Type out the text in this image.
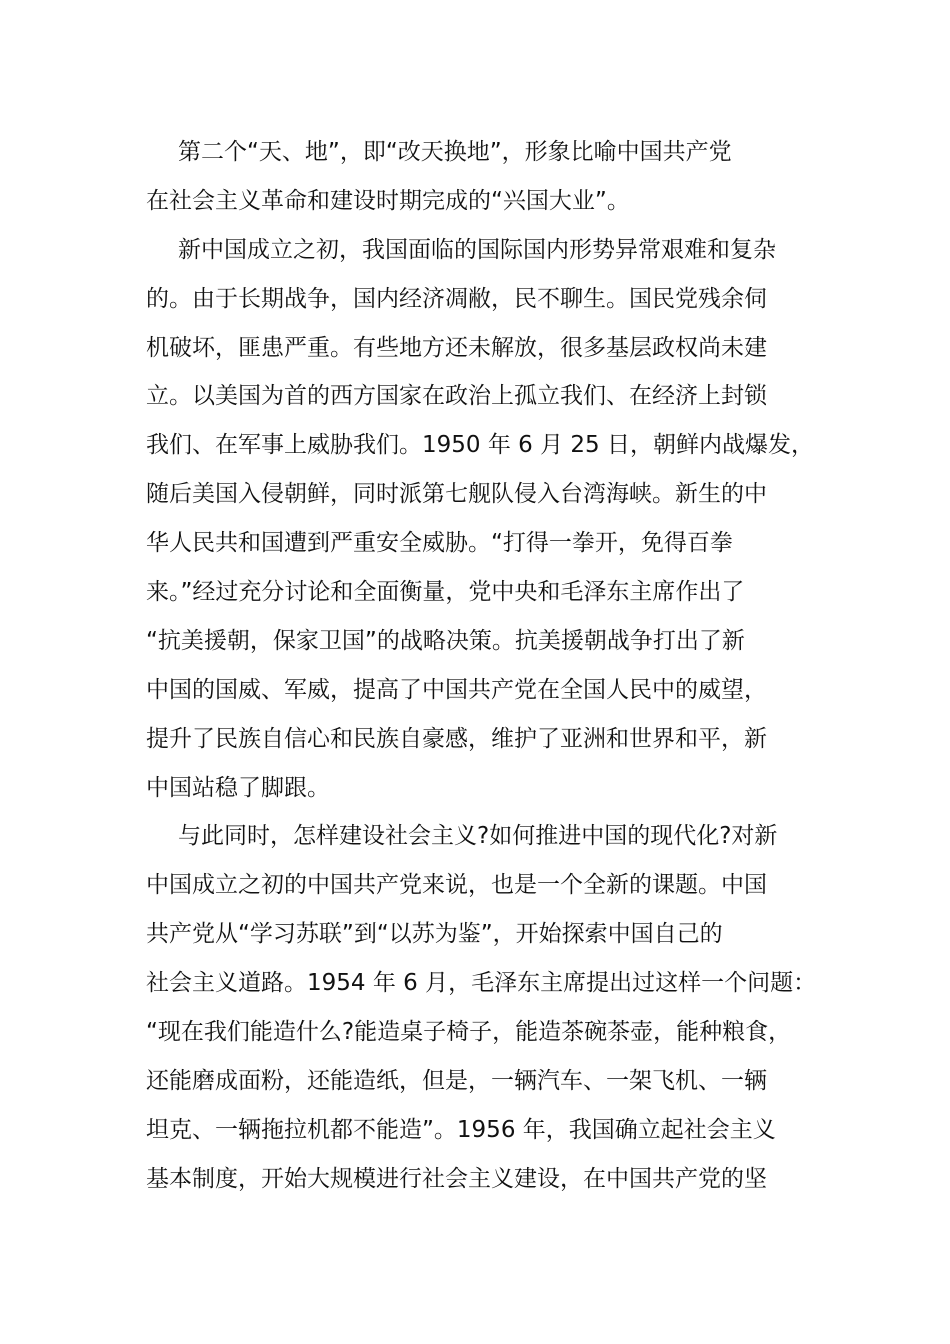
第二个“天、地”，即“改天换地”，形象比喻中国共产党
在社会主义革命和建设时期完成的“兴国大业”。
新中国成立之初，我国面临的国际国内形势异常艰难和复杂
的。由于长期战争，国内经济凋敝，民不聊生。国民党残余伺
机破坏，匪患严重。有些地方还未解放，很多基层政权尚未建
立。以美国为首的西方国家在政治上孤立我们、在经济上封锁
我们、在军事上威胁我们。1950 年 6 月 25 日，朝鲜内战爆发，
随后美国入侵朝鲜，同时派第七舰队侵入台湾海峡。新生的中
华人民共和国遭到严重安全威胁。“打得一拳开，免得百拳
来。”经过充分讨论和全面衡量，党中央和毛泽东主席作出了
“抗美援朝，保家卫国”的战略决策。抗美援朝战争打出了新
中国的国威、军威，提高了中国共产党在全国人民中的威望，
提升了民族自信心和民族自豪感，维护了亚洲和世界和平，新
中国站稳了脚跟。
与此同时，怎样建设社会主义?如何推进中国的现代化?对新
中国成立之初的中国共产党来说，也是一个全新的课题。中国
共产党从“学习苏联”到“以苏为鉴”，开始探索中国自己的
社会主义道路。1954 年 6 月，毛泽东主席提出过这样一个问题：
“现在我们能造什么?能造桌子椅子，能造茶碗茶壶，能种粮食，
还能磨成面粉，还能造纸，但是，一辆汽车、一架飞机、一辆
坦克、一辆拖拉机都不能造”。1956 年，我国确立起社会主义
基本制度，开始大规模进行社会主义建设，在中国共产党的坚
